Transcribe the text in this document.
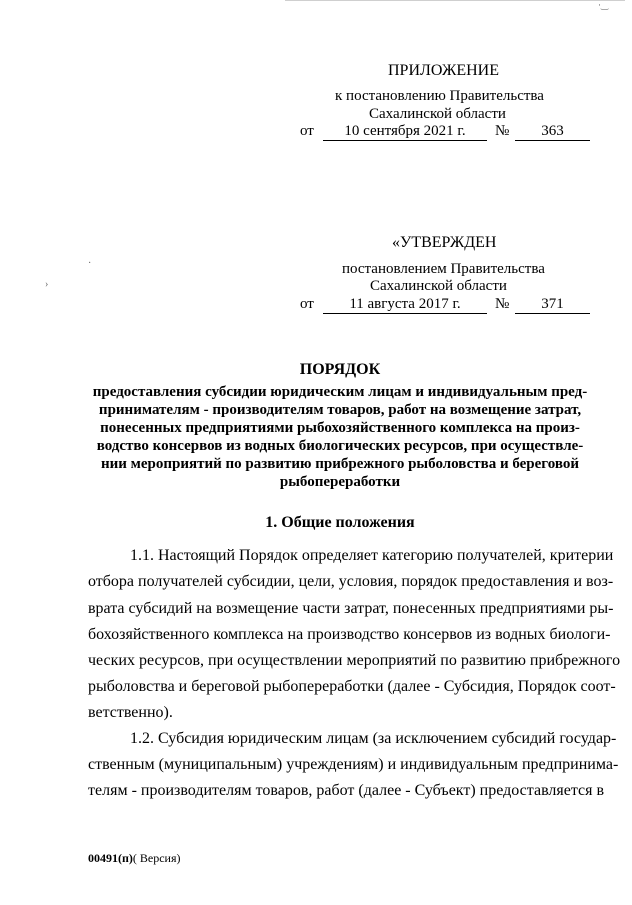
·‿
›
·
ПРИЛОЖЕНИЕ
к постановлению Правительства
Сахалинской области
от	10 сентября 2021 г.	№	363
«УТВЕРЖДЕН
постановлением Правительства
Сахалинской области
от	11 августа 2017 г.	№	371
ПОРЯДОК
предоставления субсидии юридическим лицам и индивидуальным пред-
принимателям - производителям товаров, работ на возмещение затрат,
понесенных предприятиями рыбохозяйственного комплекса на произ-
водство консервов из водных биологических ресурсов, при осуществле-
нии мероприятий по развитию прибрежного рыболовства и береговой
рыбопереработки
1. Общие положения
1.1. Настоящий Порядок определяет категорию получателей, критерии
отбора получателей субсидии, цели, условия, порядок предоставления и воз-
врата субсидий на возмещение части затрат, понесенных предприятиями ры-
бохозяйственного комплекса на производство консервов из водных биологи-
ческих ресурсов, при осуществлении мероприятий по развитию прибрежного
рыболовства и береговой рыбопереработки (далее - Субсидия, Порядок соот-
ветственно).
1.2. Субсидия юридическим лицам (за исключением субсидий государ-
ственным (муниципальным) учреждениям) и индивидуальным предпринима-
телям - производителям товаров, работ (далее - Субъект) предоставляется в
00491(п)( Версия)
